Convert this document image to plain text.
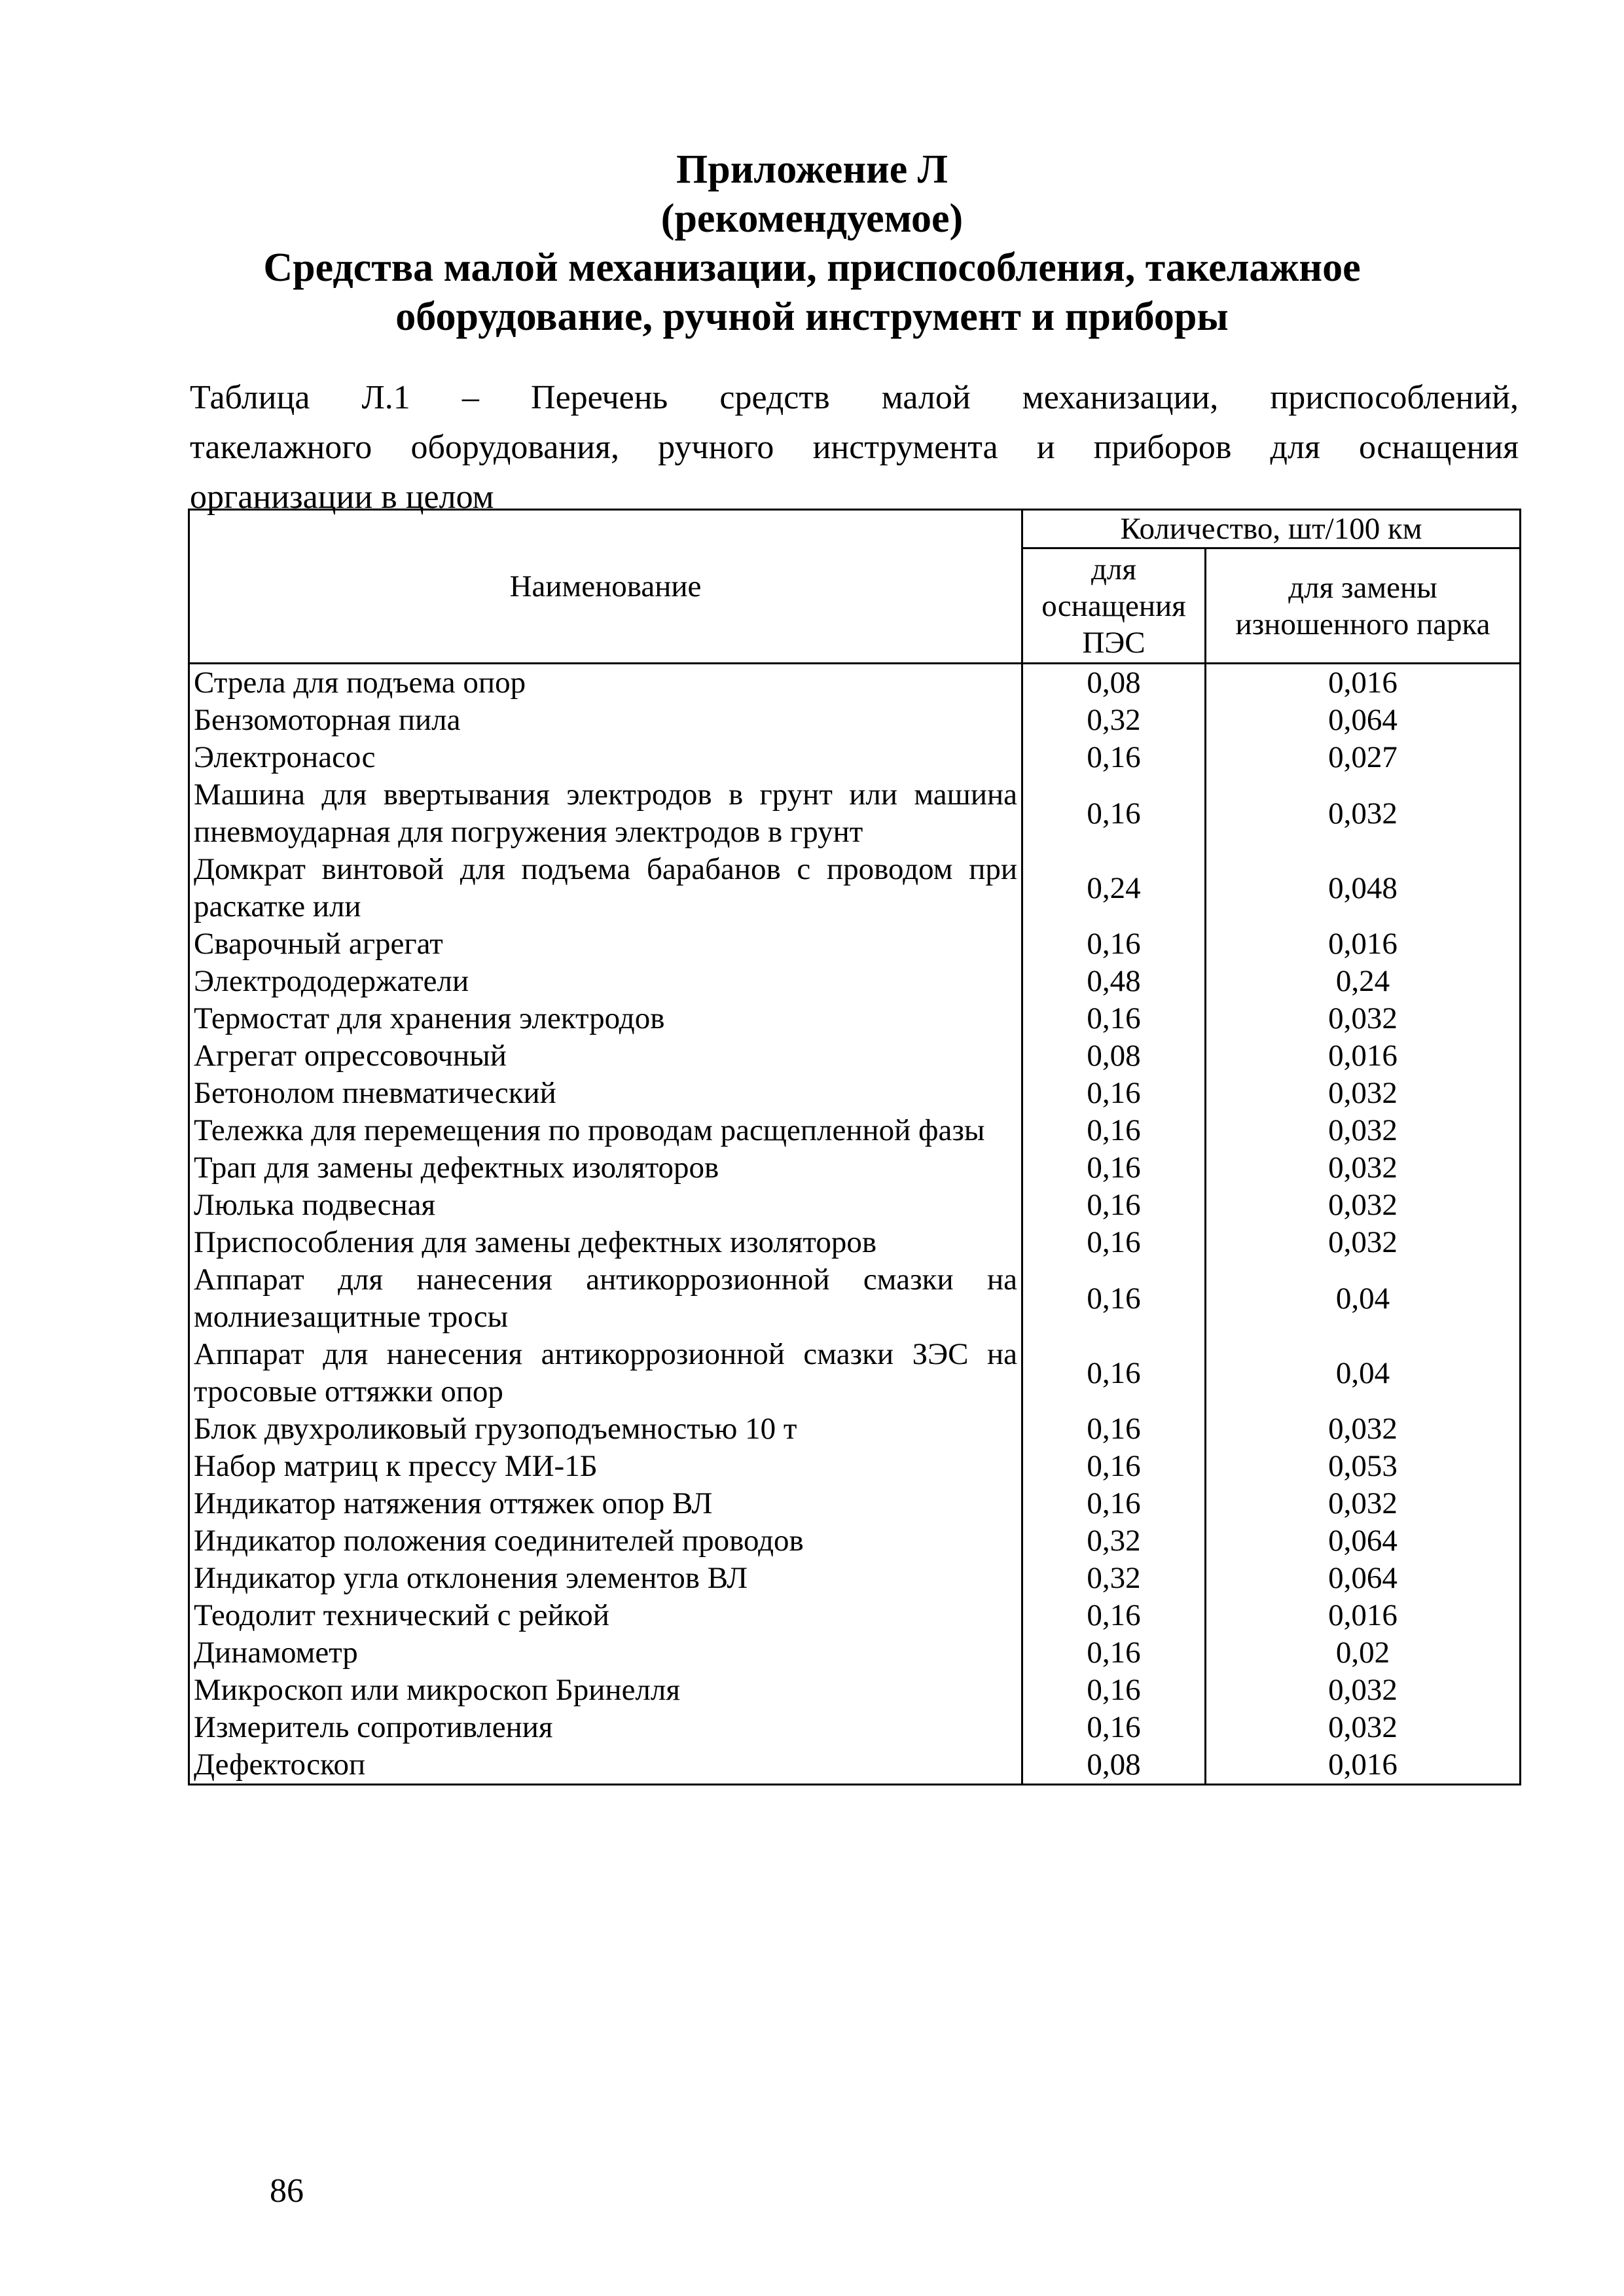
Приложение Л
(рекомендуемое)
Средства малой механизации, приспособления, такелажное
оборудование, ручной инструмент и приборы
Таблица Л.1 – Перечень средств малой механизации, приспособлений,
такелажного оборудования, ручного инструмента и приборов для оснащения
организации в целом
Наименование	Количество, шт/100 км	
	для оснащения ПЭС	для замены изношенного парка
Стрела для подъема опор	0,08	0,016
Бензомоторная пила	0,32	0,064
Электронасос	0,16	0,027
Машина для ввертывания электродов в грунт или машина пневмоударная для погружения электродов в грунт	0,16	0,032
Домкрат винтовой для подъема барабанов с проводом при раскатке или	0,24	0,048
Сварочный агрегат	0,16	0,016
Электрододержатели	0,48	0,24
Термостат для хранения электродов	0,16	0,032
Агрегат опрессовочный	0,08	0,016
Бетонолом пневматический	0,16	0,032
Тележка для перемещения по проводам расщепленной фазы	0,16	0,032
Трап для замены дефектных изоляторов	0,16	0,032
Люлька подвесная	0,16	0,032
Приспособления для замены дефектных изоляторов	0,16	0,032
Аппарат для нанесения антикоррозионной смазки на молниезащитные тросы	0,16	0,04
Аппарат для нанесения антикоррозионной смазки ЗЭС на тросовые оттяжки опор	0,16	0,04
Блок двухроликовый грузоподъемностью 10 т	0,16	0,032
Набор матриц к прессу МИ-1Б	0,16	0,053
Индикатор натяжения оттяжек опор ВЛ	0,16	0,032
Индикатор положения соединителей проводов	0,32	0,064
Индикатор угла отклонения элементов ВЛ	0,32	0,064
Теодолит технический с рейкой	0,16	0,016
Динамометр	0,16	0,02
Микроскоп или микроскоп Бринелля	0,16	0,032
Измеритель сопротивления	0,16	0,032
Дефектоскоп	0,08	0,016
86
